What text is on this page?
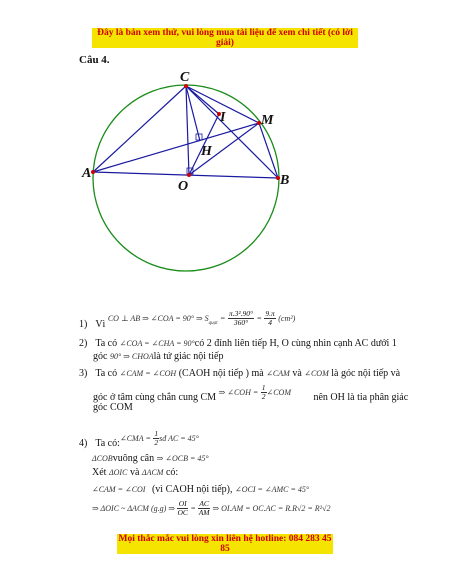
Đây là bản xem thử, vui lòng mua tài liệu để xem chi tiết (có lời giải)
Câu 4.
C
M
I
H
A
O	B
1) Vì $^{CO \perp AB \Rightarrow \angle COA = 90^\circ \Rightarrow S}_{quạt}$ $^= \frac{\text{π.3².90°}}{360^\circ} ^= \frac{9.\pi}{4} ^{(cm^2)}$
2) Ta có ∠COA = ∠CHA = 90°có 2 đỉnh liên tiếp H, O cùng nhìn cạnh AC dưới 1
góc 90° ⇒ CHOAlà tứ giác nội tiếp
3) Ta có ∠CAM = ∠COH (CAOH nội tiếp ) mà ∠CAM và ∠COM là góc nội tiếp và
góc ở tâm cùng chắn cung CM $^{\Rightarrow \angle COH =} \frac{1}{2} ^{\angle COM}$ nên OH là tia phân giác
góc COM
∠CMA = $\frac{1}{2}$ sđ AC = 45°
4) Ta có:
ΔCOBvuông cân ⇒ ∠OCB = 45°
Xét ΔOIC và ΔACM có:
∠CAM = ∠COI (vì CAOH nội tiếp), ∠OCI = ∠AMC = 45°
⇒ ΔOIC ~ ΔACM (g.g) ⇒ $\frac{OI}{OC} = \frac{AC}{AM}$ ⇒ OI.AM = OC.AC = R.R√2 = R²√2
Mọi thắc mắc vui lòng xin liên hệ hotline: 084 283 45 85
